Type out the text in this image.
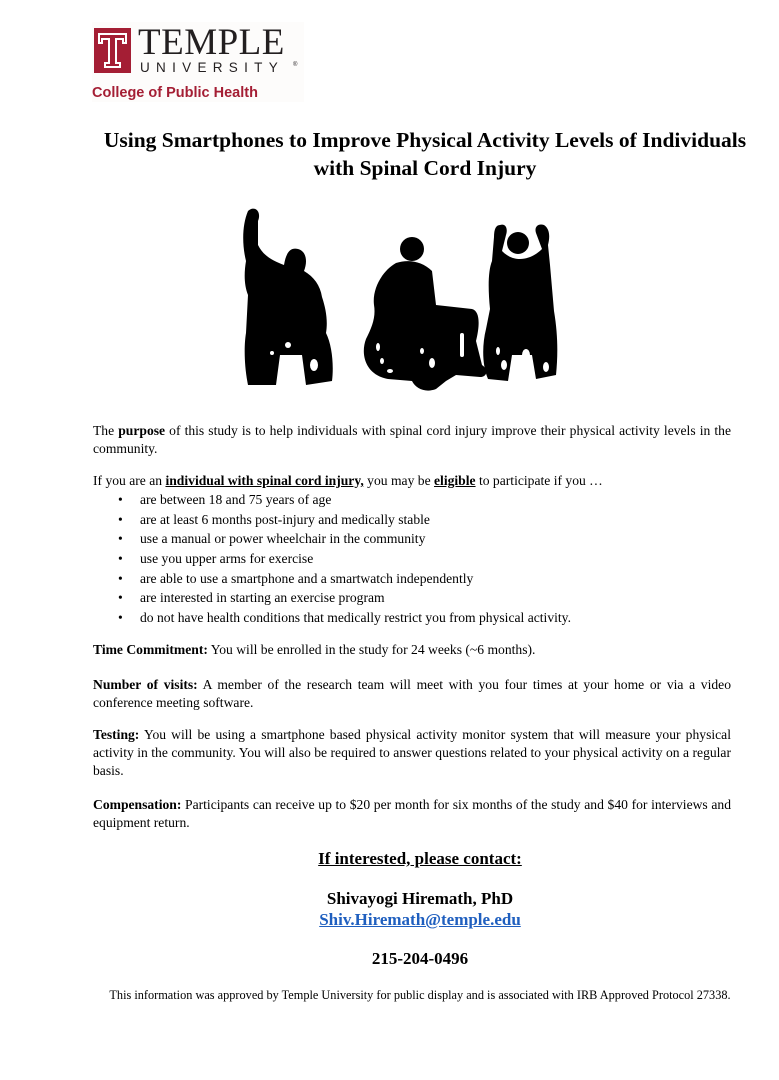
TEMPLE
UNIVERSITY ®
College of Public Health
Using Smartphones to Improve Physical Activity Levels of Individuals with Spinal Cord Injury
The purpose of this study is to help individuals with spinal cord injury improve their physical activity levels in the community.
If you are an individual with spinal cord injury, you may be eligible to participate if you …
• are between 18 and 75 years of age
• are at least 6 months post-injury and medically stable
• use a manual or power wheelchair in the community
• use you upper arms for exercise
• are able to use a smartphone and a smartwatch independently
• are interested in starting an exercise program
• do not have health conditions that medically restrict you from physical activity.
Time Commitment: You will be enrolled in the study for 24 weeks (~6 months).
Number of visits: A member of the research team will meet with you four times at your home or via a video conference meeting software.
Testing: You will be using a smartphone based physical activity monitor system that will measure your physical activity in the community. You will also be required to answer questions related to your physical activity on a regular basis.
Compensation: Participants can receive up to $20 per month for six months of the study and $40 for interviews and equipment return.
If interested, please contact:
Shivayogi Hiremath, PhD
Shiv.Hiremath@temple.edu
215-204-0496
This information was approved by Temple University for public display and is associated with IRB Approved Protocol 27338.
